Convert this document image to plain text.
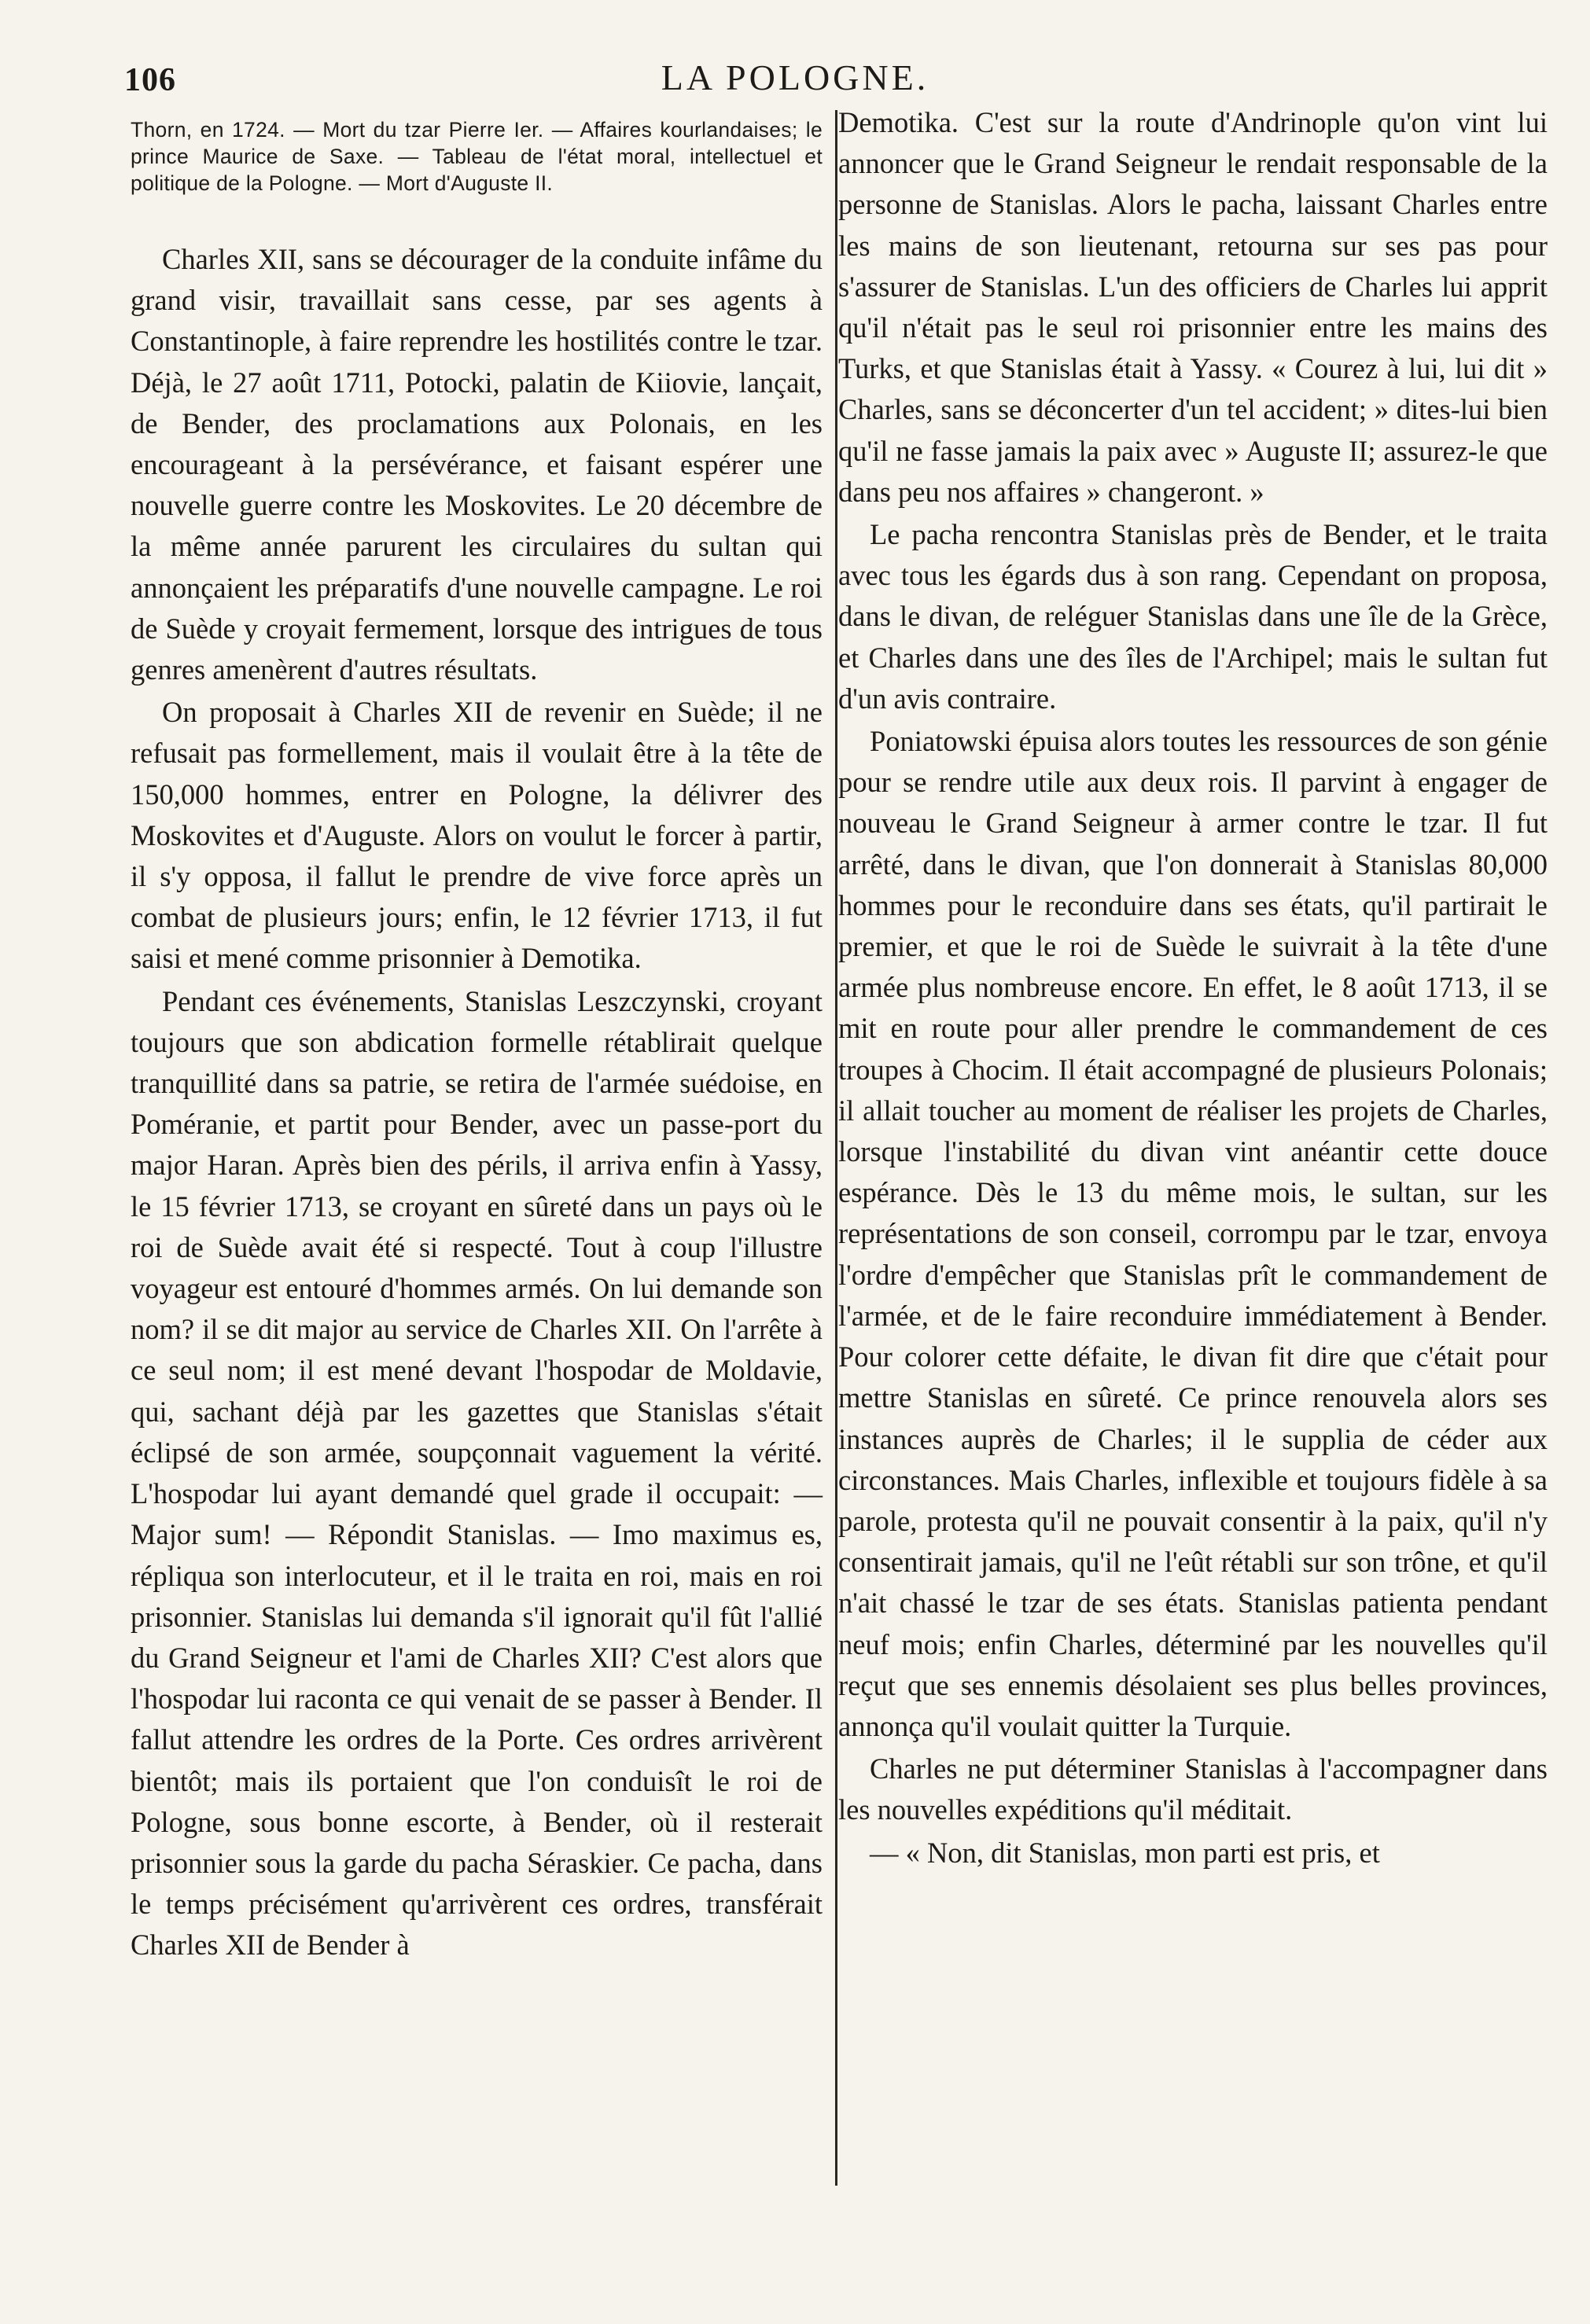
106	LA POLOGNE.
Thorn, en 1724. — Mort du tzar Pierre Ier. — Affaires kourlandaises; le prince Maurice de Saxe. — Tableau de l'état moral, intellectuel et politique de la Pologne. — Mort d'Auguste II.

Charles XII, sans se décourager de la conduite infâme du grand visir, travaillait sans cesse, par ses agents à Constantinople, à faire reprendre les hostilités contre le tzar. Déjà, le 27 août 1711, Potocki, palatin de Kiiovie, lançait, de Bender, des proclamations aux Polonais, en les encourageant à la persévérance, et faisant espérer une nouvelle guerre contre les Moskovites. Le 20 décembre de la même année parurent les circulaires du sultan qui annonçaient les préparatifs d'une nouvelle campagne. Le roi de Suède y croyait fermement, lorsque des intrigues de tous genres amenèrent d'autres résultats.

On proposait à Charles XII de revenir en Suède; il ne refusait pas formellement, mais il voulait être à la tête de 150,000 hommes, entrer en Pologne, la délivrer des Moskovites et d'Auguste. Alors on voulut le forcer à partir, il s'y opposa, il fallut le prendre de vive force après un combat de plusieurs jours; enfin, le 12 février 1713, il fut saisi et mené comme prisonnier à Demotika.

Pendant ces événements, Stanislas Leszczynski, croyant toujours que son abdication formelle rétablirait quelque tranquillité dans sa patrie, se retira de l'armée suédoise, en Poméranie, et partit pour Bender, avec un passe-port du major Haran. Après bien des périls, il arriva enfin à Yassy, le 15 février 1713, se croyant en sûreté dans un pays où le roi de Suède avait été si respecté. Tout à coup l'illustre voyageur est entouré d'hommes armés. On lui demande son nom? il se dit major au service de Charles XII. On l'arrête à ce seul nom; il est mené devant l'hospodar de Moldavie, qui, sachant déjà par les gazettes que Stanislas s'était éclipsé de son armée, soupçonnait vaguement la vérité. L'hospodar lui ayant demandé quel grade il occupait: — Major sum! — Répondit Stanislas. — Imo maximus es, répliqua son interlocuteur, et il le traita en roi, mais en roi prisonnier. Stanislas lui demanda s'il ignorait qu'il fût l'allié du Grand Seigneur et l'ami de Charles XII? C'est alors que l'hospodar lui raconta ce qui venait de se passer à Bender. Il fallut attendre les ordres de la Porte. Ces ordres arrivèrent bientôt; mais ils portaient que l'on conduisît le roi de Pologne, sous bonne escorte, à Bender, où il resterait prisonnier sous la garde du pacha Séraskier. Ce pacha, dans le temps précisément qu'arrivèrent ces ordres, transférait Charles XII de Bender à

Demotika. C'est sur la route d'Andrinople qu'on vint lui annoncer que le Grand Seigneur le rendait responsable de la personne de Stanislas. Alors le pacha, laissant Charles entre les mains de son lieutenant, retourna sur ses pas pour s'assurer de Stanislas. L'un des officiers de Charles lui apprit qu'il n'était pas le seul roi prisonnier entre les mains des Turks, et que Stanislas était à Yassy. « Courez à lui, lui dit » Charles, sans se déconcerter d'un tel accident; » dites-lui bien qu'il ne fasse jamais la paix avec » Auguste II; assurez-le que dans peu nos affaires » changeront. »

Le pacha rencontra Stanislas près de Bender, et le traita avec tous les égards dus à son rang. Cependant on proposa, dans le divan, de reléguer Stanislas dans une île de la Grèce, et Charles dans une des îles de l'Archipel; mais le sultan fut d'un avis contraire.

Poniatowski épuisa alors toutes les ressources de son génie pour se rendre utile aux deux rois. Il parvint à engager de nouveau le Grand Seigneur à armer contre le tzar. Il fut arrêté, dans le divan, que l'on donnerait à Stanislas 80,000 hommes pour le reconduire dans ses états, qu'il partirait le premier, et que le roi de Suède le suivrait à la tête d'une armée plus nombreuse encore. En effet, le 8 août 1713, il se mit en route pour aller prendre le commandement de ces troupes à Chocim. Il était accompagné de plusieurs Polonais; il allait toucher au moment de réaliser les projets de Charles, lorsque l'instabilité du divan vint anéantir cette douce espérance. Dès le 13 du même mois, le sultan, sur les représentations de son conseil, corrompu par le tzar, envoya l'ordre d'empêcher que Stanislas prît le commandement de l'armée, et de le faire reconduire immédiatement à Bender. Pour colorer cette défaite, le divan fit dire que c'était pour mettre Stanislas en sûreté. Ce prince renouvela alors ses instances auprès de Charles; il le supplia de céder aux circonstances. Mais Charles, inflexible et toujours fidèle à sa parole, protesta qu'il ne pouvait consentir à la paix, qu'il n'y consentirait jamais, qu'il ne l'eût rétabli sur son trône, et qu'il n'ait chassé le tzar de ses états. Stanislas patienta pendant neuf mois; enfin Charles, déterminé par les nouvelles qu'il reçut que ses ennemis désolaient ses plus belles provinces, annonça qu'il voulait quitter la Turquie.

Charles ne put déterminer Stanislas à l'accompagner dans les nouvelles expéditions qu'il méditait.

— « Non, dit Stanislas, mon parti est pris, et
